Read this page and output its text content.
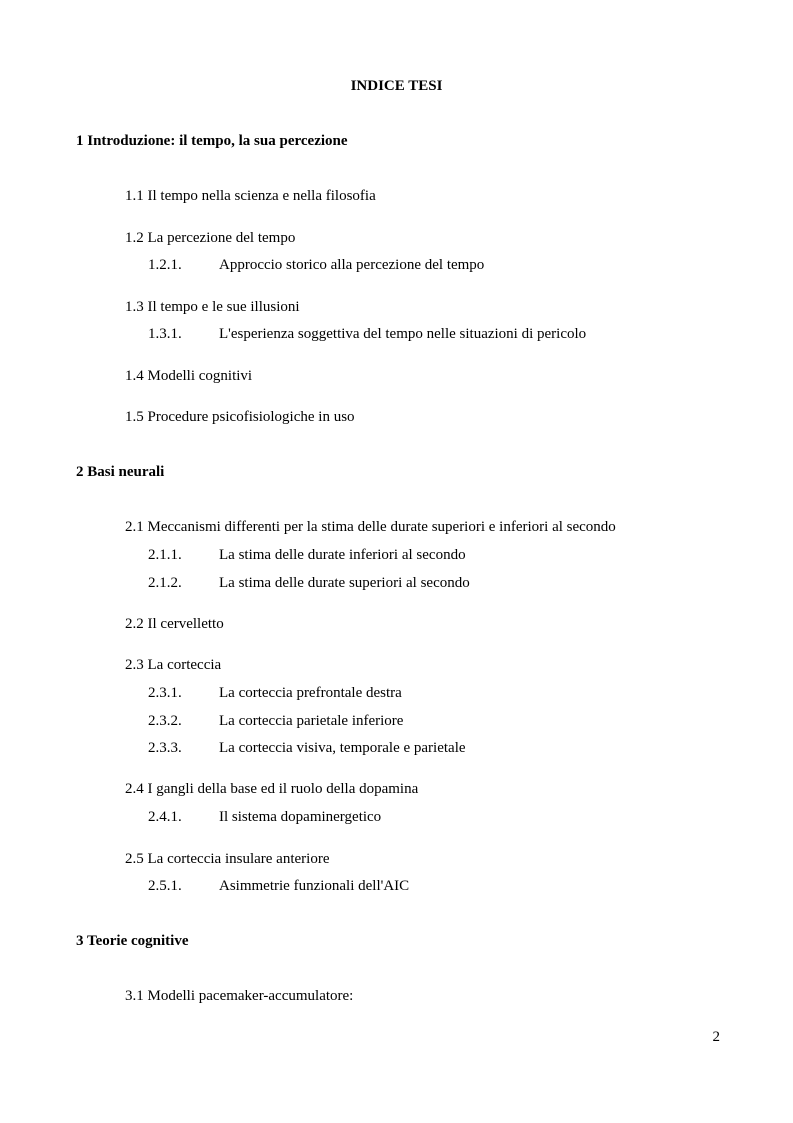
INDICE TESI
1 Introduzione: il tempo, la sua percezione
1.1 Il tempo nella scienza e nella filosofia
1.2 La percezione del tempo
1.2.1. Approccio storico alla percezione del tempo
1.3 Il tempo e le sue illusioni
1.3.1. L'esperienza soggettiva del tempo nelle situazioni di pericolo
1.4 Modelli cognitivi
1.5 Procedure psicofisiologiche in uso
2 Basi neurali
2.1 Meccanismi differenti per la stima delle durate superiori e inferiori al secondo
2.1.1. La stima delle durate inferiori al secondo
2.1.2. La stima delle durate superiori al secondo
2.2 Il cervelletto
2.3 La corteccia
2.3.1. La corteccia prefrontale destra
2.3.2. La corteccia parietale inferiore
2.3.3. La corteccia visiva, temporale e parietale
2.4 I gangli della base ed il ruolo della dopamina
2.4.1. Il sistema dopaminergetico
2.5 La corteccia insulare anteriore
2.5.1. Asimmetrie funzionali dell'AIC
3 Teorie cognitive
3.1 Modelli pacemaker-accumulatore:
2
